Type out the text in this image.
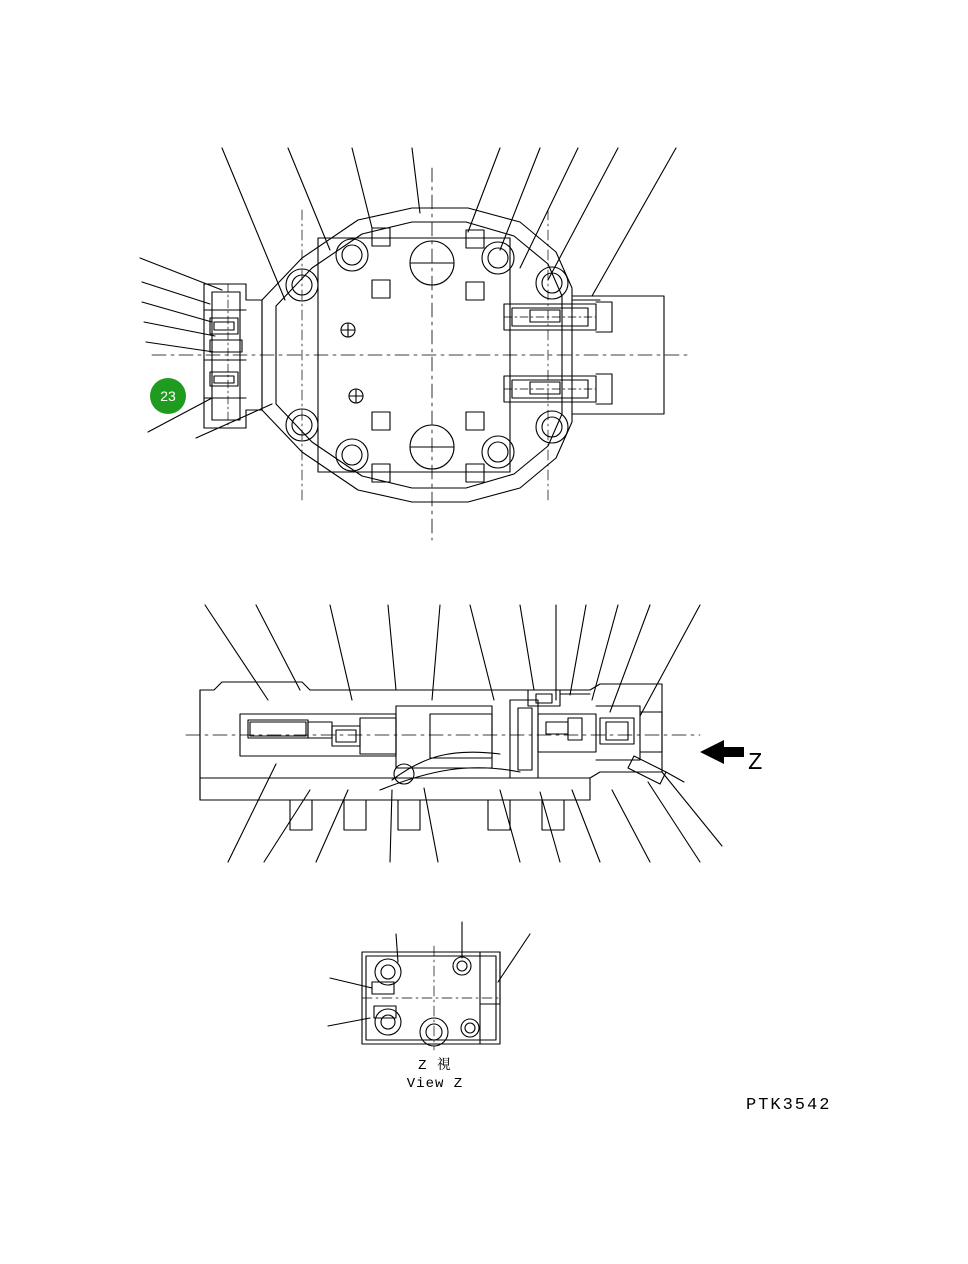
23
Z
Z 視
View Z
PTK3542
